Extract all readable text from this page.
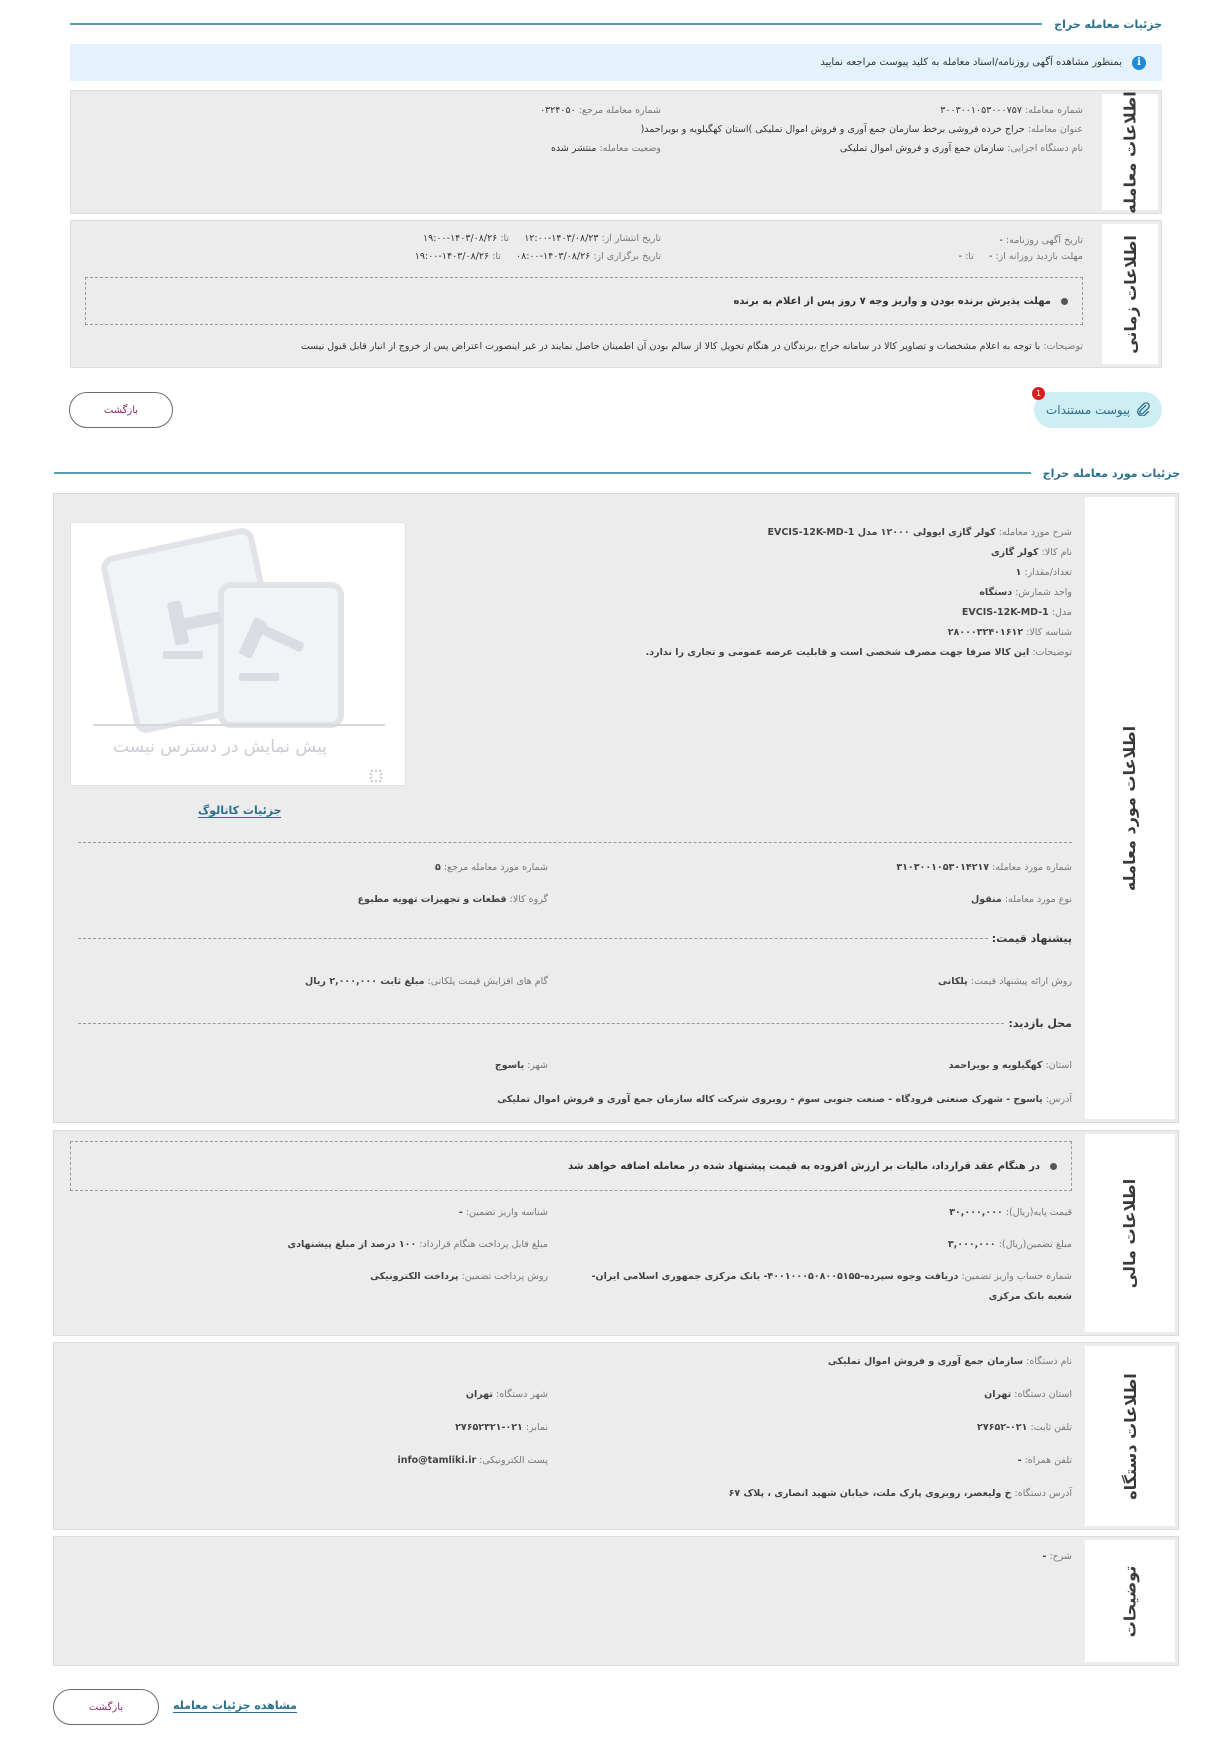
جزئیات معامله حراج
i
بمنظور مشاهده آگهی روزنامه/اسناد معامله به کلید پیوست مراجعه نمایید
اطلاعات معامله
شماره معامله: ۳۰۰۳۰۰۱۰۵۳۰۰۰۷۵۷
شماره معامله مرجع: ۰۳۲۴۰۵۰
عنوان معامله: حراج خرده فروشی برخط سازمان جمع آوری و فروش اموال تملیکی )استان کهگیلویه و بویراحمد(
نام دستگاه اجرایی: سازمان جمع آوری و فروش اموال تملیکی
وضعیت معامله: منتشر شده
اطلاعات زمانی
تاریخ آگهی روزنامه: -
تاریخ انتشار از: ۱۴۰۳/۰۸/۲۳-۱۲:۰۰     تا: ۱۴۰۳/۰۸/۲۶-۱۹:۰۰
مهلت بازدید روزانه از: -     تا: -
تاریخ برگزاری از: ۱۴۰۳/۰۸/۲۶-۰۸:۰۰     تا: ۱۴۰۳/۰۸/۲۶-۱۹:۰۰
مهلت پذیرش برنده بودن و واریز وجه ۷ روز پس از اعلام به برنده
توضیحات: با توجه به اعلام مشخصات و تصاویر کالا در سامانه حراج ،برندگان در هنگام تحویل کالا از سالم بودن آن اطمینان حاصل نمایند در غیر اینصورت اعتراض پس از خروج از انبار قابل قبول نیست
پیوست مستندات
1
بازگشت
جزئیات مورد معامله حراج
اطلاعات مورد معامله
شرح مورد معامله: کولر گازی ایوولی ۱۲۰۰۰ مدل EVCIS-12K-MD-1
نام کالا: کولر گازی
تعداد/مقدار: ۱
واحد شمارش: دستگاه
مدل: EVCIS-12K-MD-1
شناسه کالا: ۲۸۰۰۰۳۲۴۰۱۶۱۲
توضیحات: این کالا صرفا جهت مصرف شخصی است و قابلیت عرضه عمومی و تجاری را ندارد.
پیش نمایش در دسترس نیست
جزئیات کاتالوگ
شماره مورد معامله: ۳۱۰۳۰۰۱۰۵۳۰۱۴۲۱۷
شماره مورد معامله مرجع: ۵
نوع مورد معامله: منقول
گروه کالا: قطعات و تجهیزات تهویه مطبوع
پیشنهاد قیمت:
روش ارائه پیشنهاد قیمت: پلکانی
گام های افزایش قیمت پلکانی: مبلغ ثابت ۲,۰۰۰,۰۰۰ ریال
محل بازدید:
استان: کهگیلویه و بویراحمد
شهر: یاسوج
آدرس: یاسوج - شهرک صنعتی فرودگاه - صنعت جنوبی سوم - روبروی شرکت کاله سازمان جمع آوری و فروش اموال تملیکی
اطلاعات مالی
در هنگام عقد قرارداد، مالیات بر ارزش افزوده به قیمت پیشنهاد شده در معامله اضافه خواهد شد
قیمت پایه(ریال): ۳۰,۰۰۰,۰۰۰
شناسه واریز تضمین: -
مبلغ تضمین(ریال): ۳,۰۰۰,۰۰۰
مبلغ قابل پرداخت هنگام قرارداد: ۱۰۰ درصد از مبلغ پیشنهادی
شماره حساب واریز تضمین: دریافت وجوه سپرده-۴۰۰۱۰۰۰۵۰۸۰۰۵۱۵۵- بانک مرکزی جمهوری اسلامی ایران-
شعبه بانک مرکزی
روش پرداخت تضمین: پرداخت الکترونیکی
اطلاعات دستگاه
نام دستگاه: سازمان جمع آوری و فروش اموال تملیکی
استان دستگاه: تهران
شهر دستگاه: تهران
تلفن ثابت: ۰۲۱-۲۷۶۵۲
نمابر: ۰۲۱-۲۷۶۵۲۳۲۱
تلفن همراه: -
پست الکترونیکی: info@tamliki.ir
آدرس دستگاه: خ ولیعصر، روبروی پارک ملت، خیابان شهید انصاری ، پلاک ۶۷
توضیحات
شرح: -
بازگشت	مشاهده جزئیات معامله
